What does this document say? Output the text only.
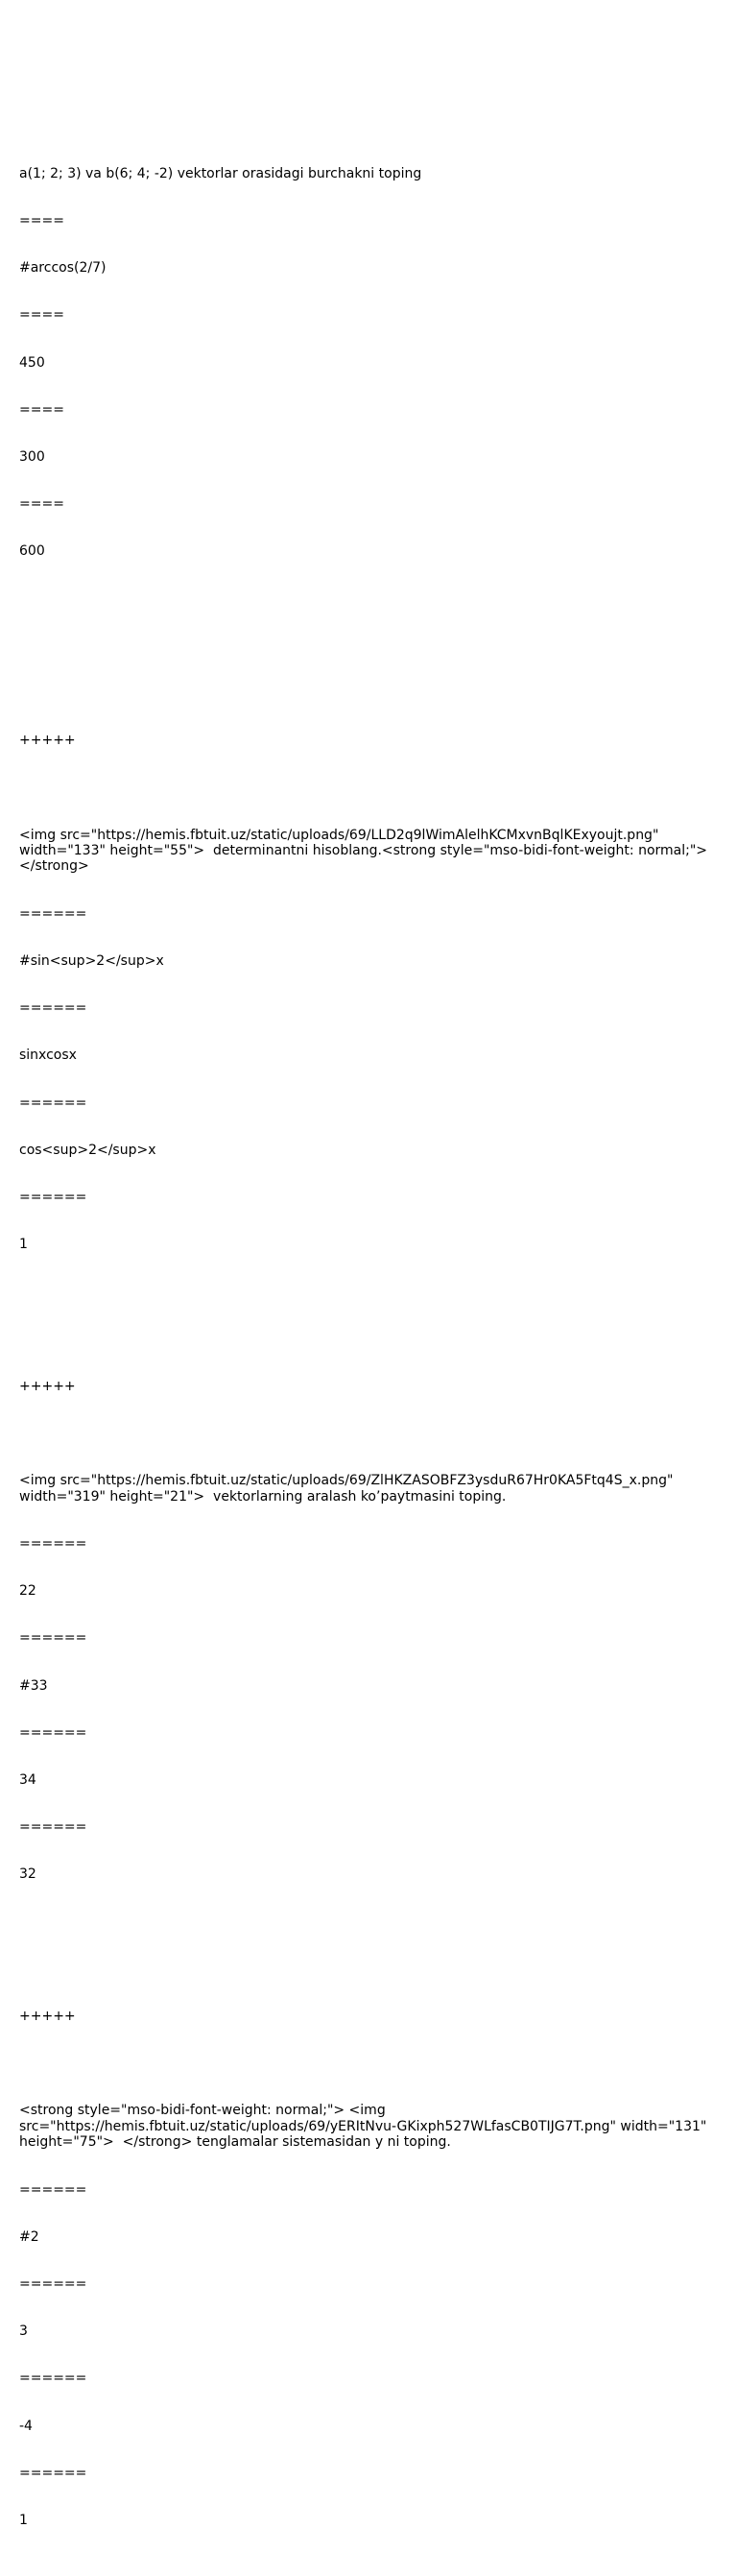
a(1; 2; 3) va b(6; 4; -2) vektorlar orasidagi burchakni toping

====

#arccos(2/7)

====

450

====

300

====

600

+++++

<img src="https://hemis.fbtuit.uz/static/uploads/69/LLD2q9lWimAlelhKCMxvnBqlKExyoujt.png" width="133" height="55">  determinantni hisoblang.<strong style="mso-bidi-font-weight: normal;"> </strong>

======

#sin<sup>2</sup>x

======

sinxcosx

======

cos<sup>2</sup>x

======

1

+++++

<img src="https://hemis.fbtuit.uz/static/uploads/69/ZlHKZASOBFZ3ysduR67Hr0KA5Ftq4S_x.png" width="319" height="21">  vektorlarning aralash ko’paytmasini toping.

======

22

======

#33

======

34

======

32

+++++

<strong style="mso-bidi-font-weight: normal;"> <img src="https://hemis.fbtuit.uz/static/uploads/69/yERItNvu-GKixph527WLfasCB0TIJG7T.png" width="131" height="75">  </strong> tenglamalar sistemasidan y ni toping.

======

#2

======

3

======

-4

======

1
